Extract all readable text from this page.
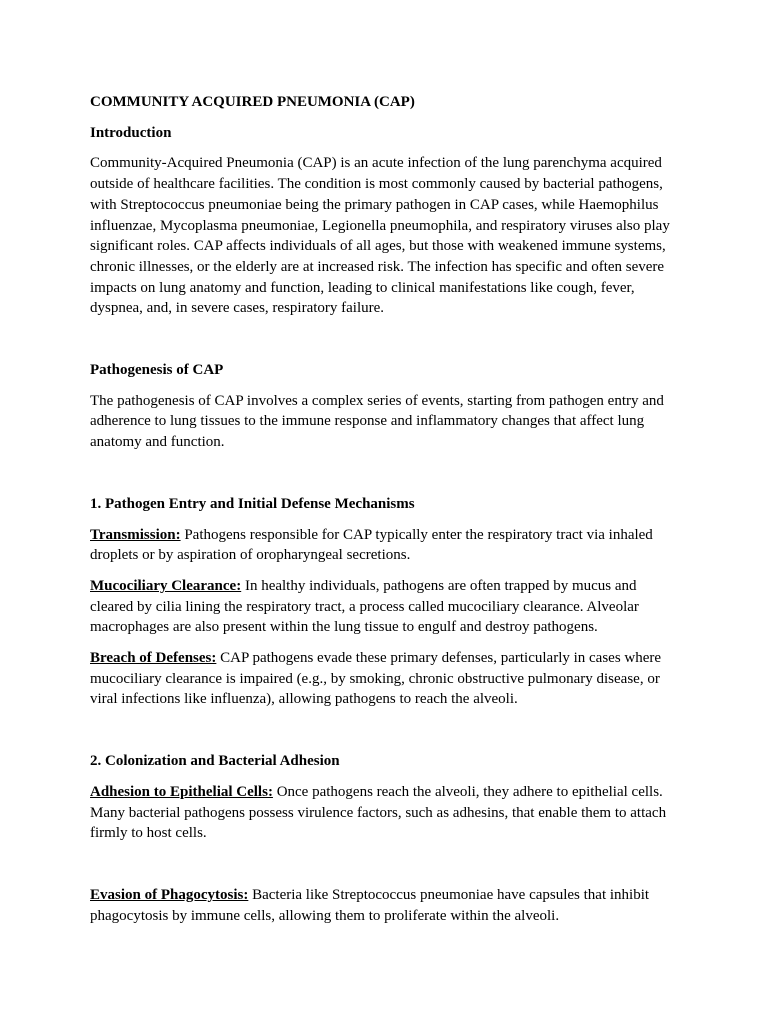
COMMUNITY ACQUIRED PNEUMONIA (CAP)

Introduction

Community-Acquired Pneumonia (CAP) is an acute infection of the lung parenchyma acquired outside of healthcare facilities. The condition is most commonly caused by bacterial pathogens, with Streptococcus pneumoniae being the primary pathogen in CAP cases, while Haemophilus influenzae, Mycoplasma pneumoniae, Legionella pneumophila, and respiratory viruses also play significant roles. CAP affects individuals of all ages, but those with weakened immune systems, chronic illnesses, or the elderly are at increased risk. The infection has specific and often severe impacts on lung anatomy and function, leading to clinical manifestations like cough, fever, dyspnea, and, in severe cases, respiratory failure.

Pathogenesis of CAP

The pathogenesis of CAP involves a complex series of events, starting from pathogen entry and adherence to lung tissues to the immune response and inflammatory changes that affect lung anatomy and function.

1. Pathogen Entry and Initial Defense Mechanisms

Transmission: Pathogens responsible for CAP typically enter the respiratory tract via inhaled droplets or by aspiration of oropharyngeal secretions.

Mucociliary Clearance: In healthy individuals, pathogens are often trapped by mucus and cleared by cilia lining the respiratory tract, a process called mucociliary clearance. Alveolar macrophages are also present within the lung tissue to engulf and destroy pathogens.

Breach of Defenses: CAP pathogens evade these primary defenses, particularly in cases where mucociliary clearance is impaired (e.g., by smoking, chronic obstructive pulmonary disease, or viral infections like influenza), allowing pathogens to reach the alveoli.

2. Colonization and Bacterial Adhesion

Adhesion to Epithelial Cells: Once pathogens reach the alveoli, they adhere to epithelial cells. Many bacterial pathogens possess virulence factors, such as adhesins, that enable them to attach firmly to host cells.

Evasion of Phagocytosis: Bacteria like Streptococcus pneumoniae have capsules that inhibit phagocytosis by immune cells, allowing them to proliferate within the alveoli.
